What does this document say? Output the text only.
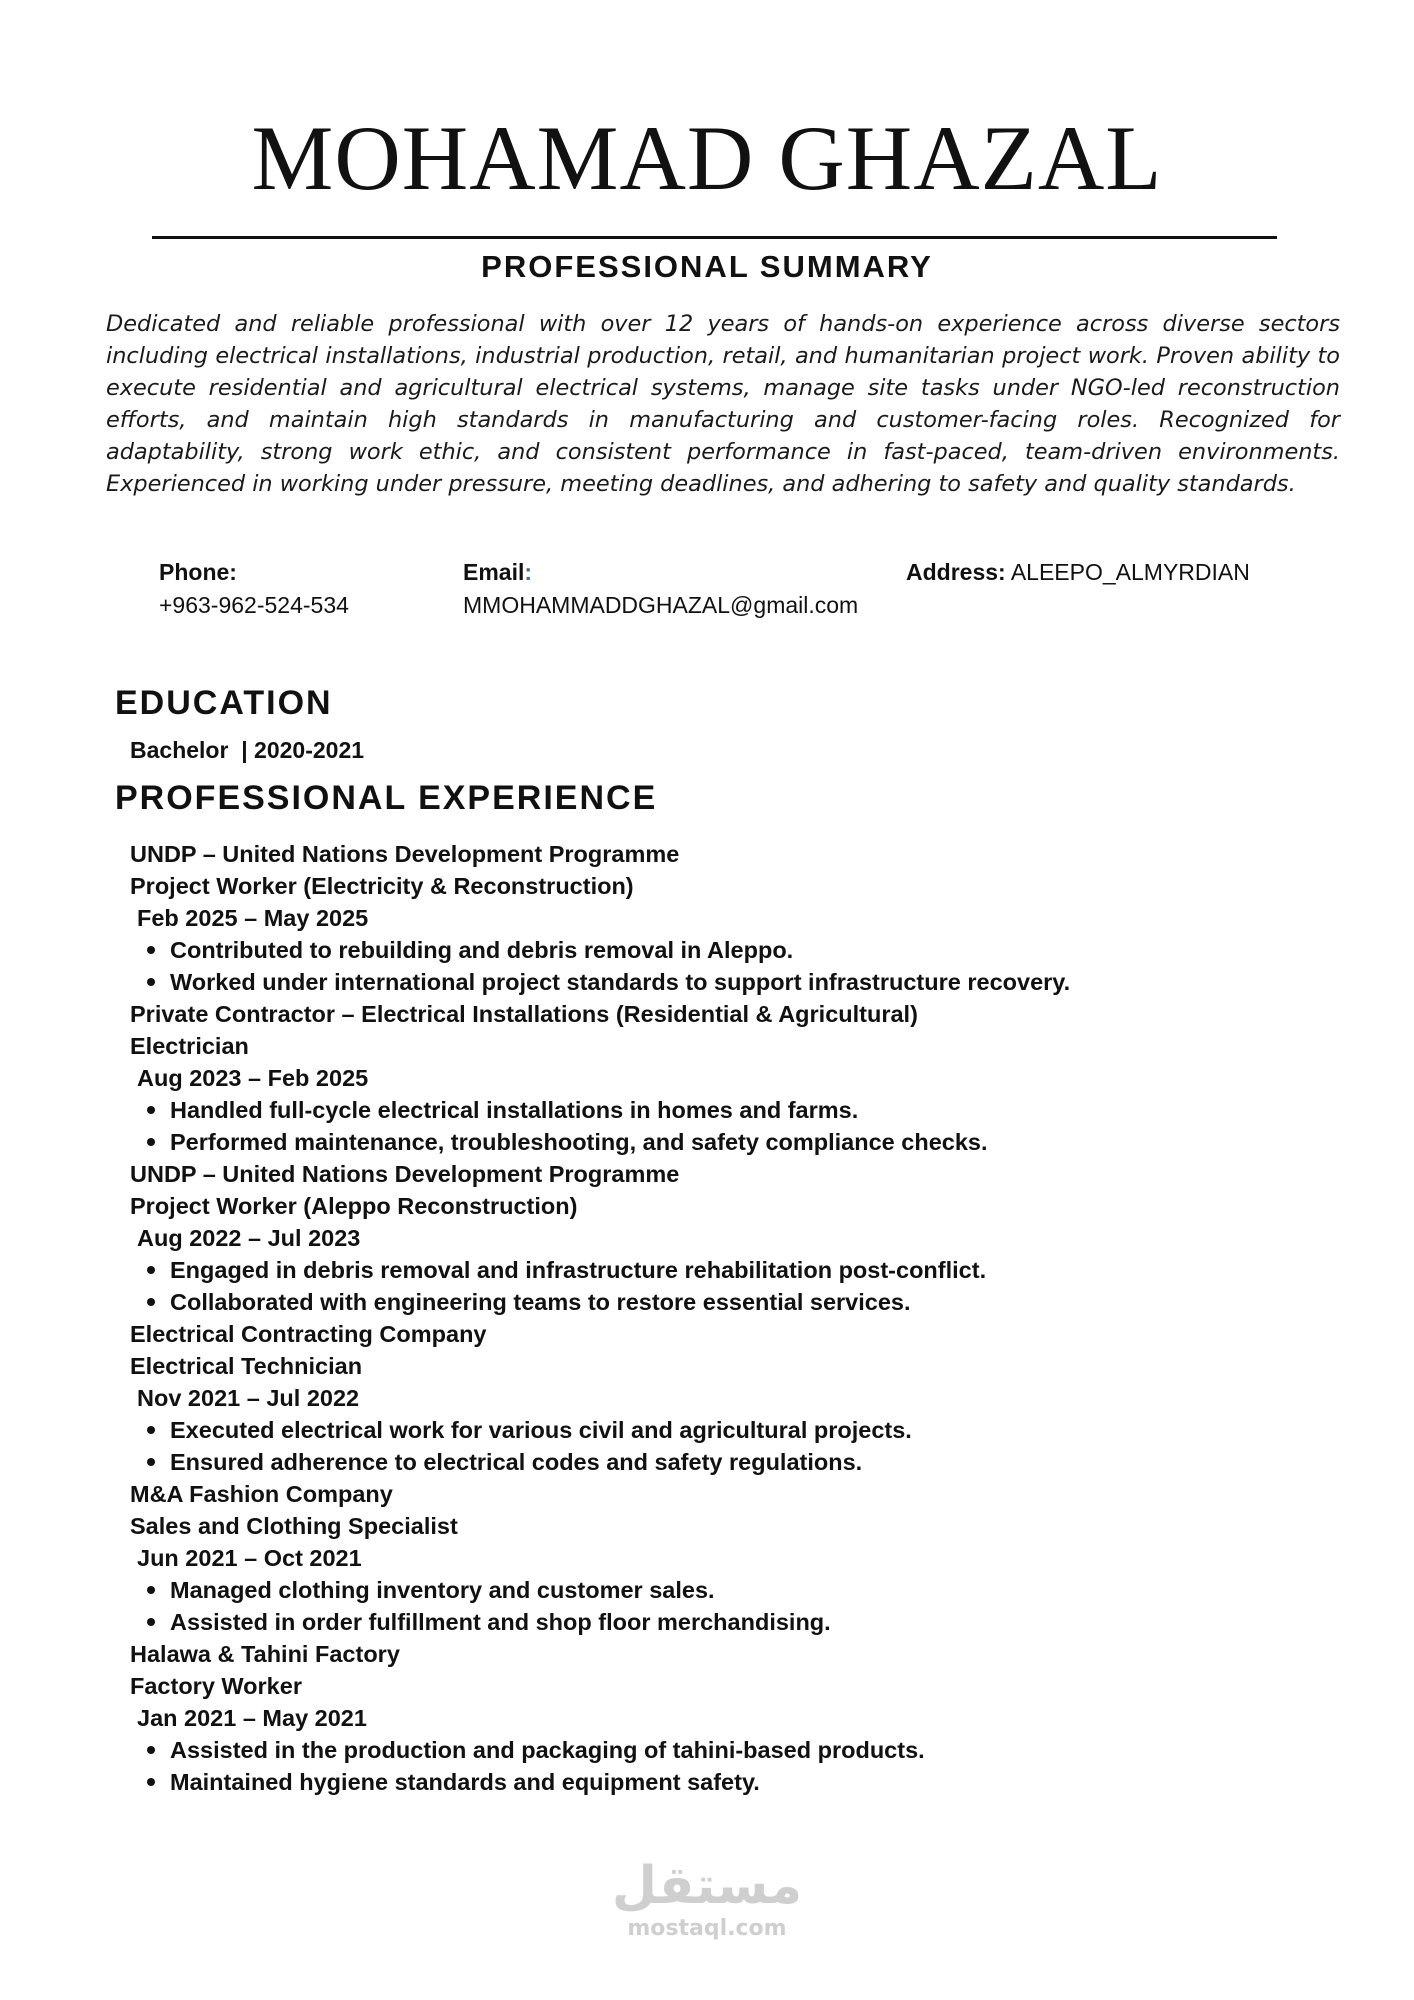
MOHAMAD GHAZAL
PROFESSIONAL SUMMARY

Dedicated and reliable professional with over 12 years of hands-on experience across diverse sectors including electrical installations, industrial production, retail, and humanitarian project work. Proven ability to execute residential and agricultural electrical systems, manage site tasks under NGO-led reconstruction efforts, and maintain high standards in manufacturing and customer-facing roles. Recognized for adaptability, strong work ethic, and consistent performance in fast-paced, team-driven environments. Experienced in working under pressure, meeting deadlines, and adhering to safety and quality standards.

Phone:
+963-962-524-534
Email:
MMOHAMMADDGHAZAL@gmail.com
Address: ALEEPO_ALMYRDIAN
EDUCATION
Bachelor  | 2020-2021
PROFESSIONAL EXPERIENCE
UNDP – United Nations Development Programme
Project Worker (Electricity & Reconstruction)
Feb 2025 – May 2025
Contributed to rebuilding and debris removal in Aleppo.
Worked under international project standards to support infrastructure recovery.
Private Contractor – Electrical Installations (Residential & Agricultural)
Electrician
Aug 2023 – Feb 2025
Handled full-cycle electrical installations in homes and farms.
Performed maintenance, troubleshooting, and safety compliance checks.
UNDP – United Nations Development Programme
Project Worker (Aleppo Reconstruction)
Aug 2022 – Jul 2023
Engaged in debris removal and infrastructure rehabilitation post-conflict.
Collaborated with engineering teams to restore essential services.
Electrical Contracting Company
Electrical Technician
Nov 2021 – Jul 2022
Executed electrical work for various civil and agricultural projects.
Ensured adherence to electrical codes and safety regulations.
M&A Fashion Company
Sales and Clothing Specialist
Jun 2021 – Oct 2021
Managed clothing inventory and customer sales.
Assisted in order fulfillment and shop floor merchandising.
Halawa & Tahini Factory
Factory Worker
Jan 2021 – May 2021
Assisted in the production and packaging of tahini-based products.
Maintained hygiene standards and equipment safety.
مستقل
mostaql.com
